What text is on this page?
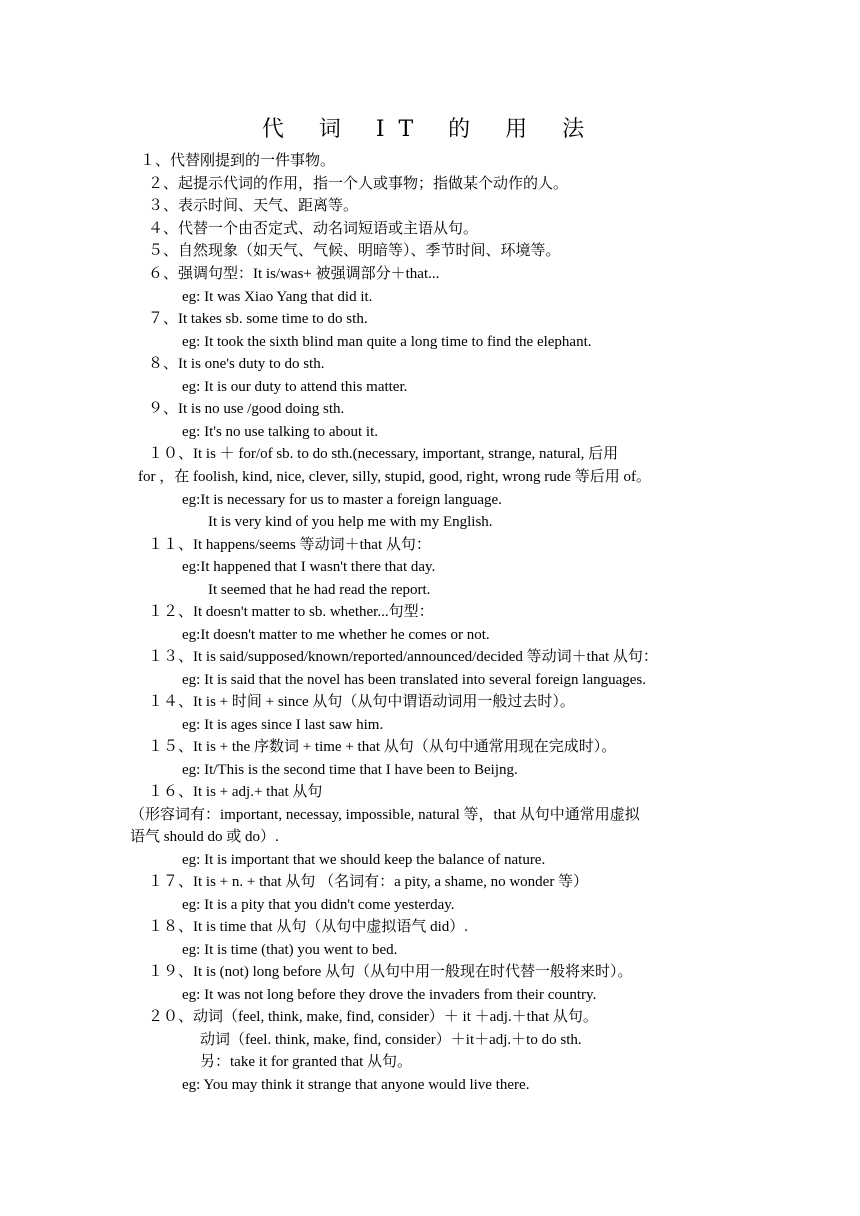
代 词 IT 的 用 法
１、代替刚提到的一件事物。
２、起提示代词的作用，指一个人或事物；指做某个动作的人。
３、表示时间、天气、距离等。
４、代替一个由否定式、动名词短语或主语从句。
５、自然现象（如天气、气候、明暗等）、季节时间、环境等。
６、强调句型：It is/was+ 被强调部分＋that...
eg: It was Xiao Yang that did it.
７、It takes sb. some time to do sth.
eg: It took the sixth blind man quite a long time to find the elephant.
８、It is one's duty to do sth.
eg: It is our duty to attend this matter.
９、It is no use /good doing sth.
eg: It's no use talking to about it.
１０、It is ＋ for/of sb. to do sth.(necessary, important, strange, natural, 后用
for ，在 foolish, kind, nice, clever, silly, stupid, good, right, wrong rude 等后用 of。
eg:It is necessary for us to master a foreign language.
It is very kind of you help me with my English.
１１、It happens/seems 等动词＋that 从句：
eg:It happened that I wasn't there that day.
It seemed that he had read the report.
１２、It doesn't matter to sb. whether...句型：
eg:It doesn't matter to me whether he comes or not.
１３、It is said/supposed/known/reported/announced/decided 等动词＋that 从句：
eg: It is said that the novel has been translated into several foreign languages.
１４、It is + 时间 + since 从句（从句中谓语动词用一般过去时）。
eg: It is ages since I last saw him.
１５、It is + the 序数词 + time + that 从句（从句中通常用现在完成时）。
eg: It/This is the second time that I have been to Beijng.
１６、It is + adj.+ that 从句
（形容词有：important, necessay, impossible, natural 等，that 从句中通常用虚拟
语气 should do 或 do）.
eg: It is important that we should keep the balance of nature.
１７、It is + n. + that 从句 （名词有：a pity, a shame, no wonder 等）
eg: It is a pity that you didn't come yesterday.
１８、It is time that 从句（从句中虚拟语气 did）.
eg: It is time (that) you went to bed.
１９、It is (not) long before 从句（从句中用一般现在时代替一般将来时）。
eg: It was not long before they drove the invaders from their country.
２０、动词（feel, think, make, find, consider）＋ it ＋adj.＋that 从句。
动词（feel. think, make, find, consider）＋it＋adj.＋to do sth.
另：take it for granted that 从句。
eg: You may think it strange that anyone would live there.
